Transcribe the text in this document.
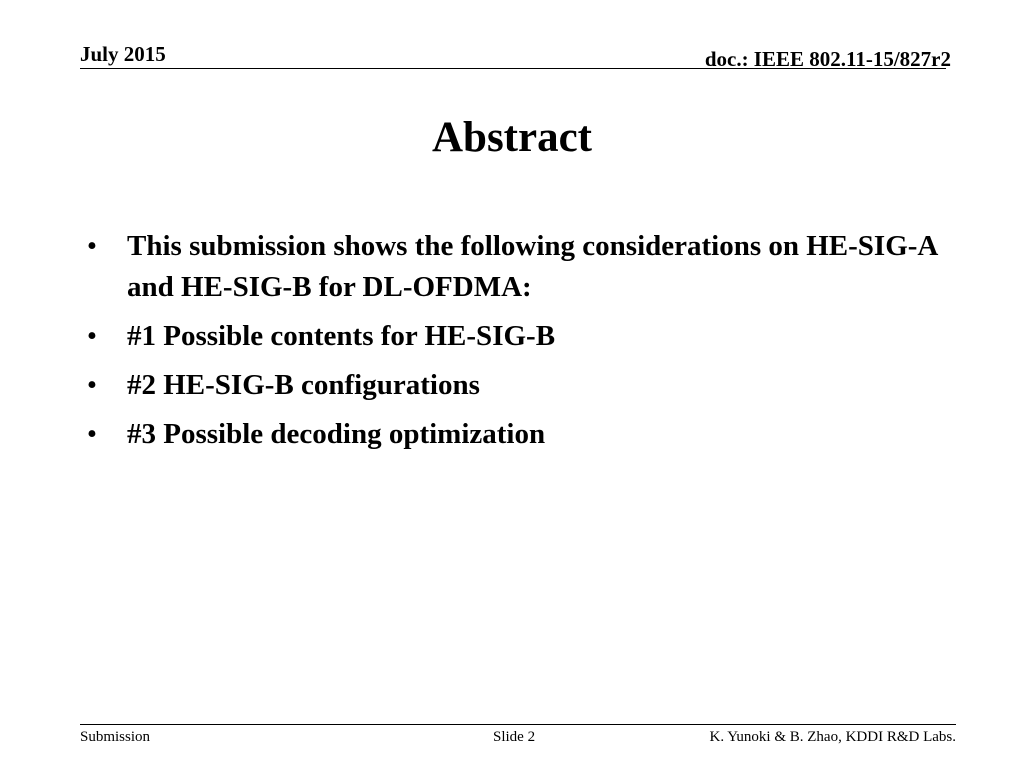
July 2015	doc.: IEEE 802.11-15/827r2
Abstract
• This submission shows the following considerations on HE-SIG-A and HE-SIG-B for DL-OFDMA:
• #1 Possible contents for HE-SIG-B
• #2 HE-SIG-B configurations
• #3 Possible decoding optimization
Submission	Slide 2	K. Yunoki & B. Zhao, KDDI R&D Labs.
